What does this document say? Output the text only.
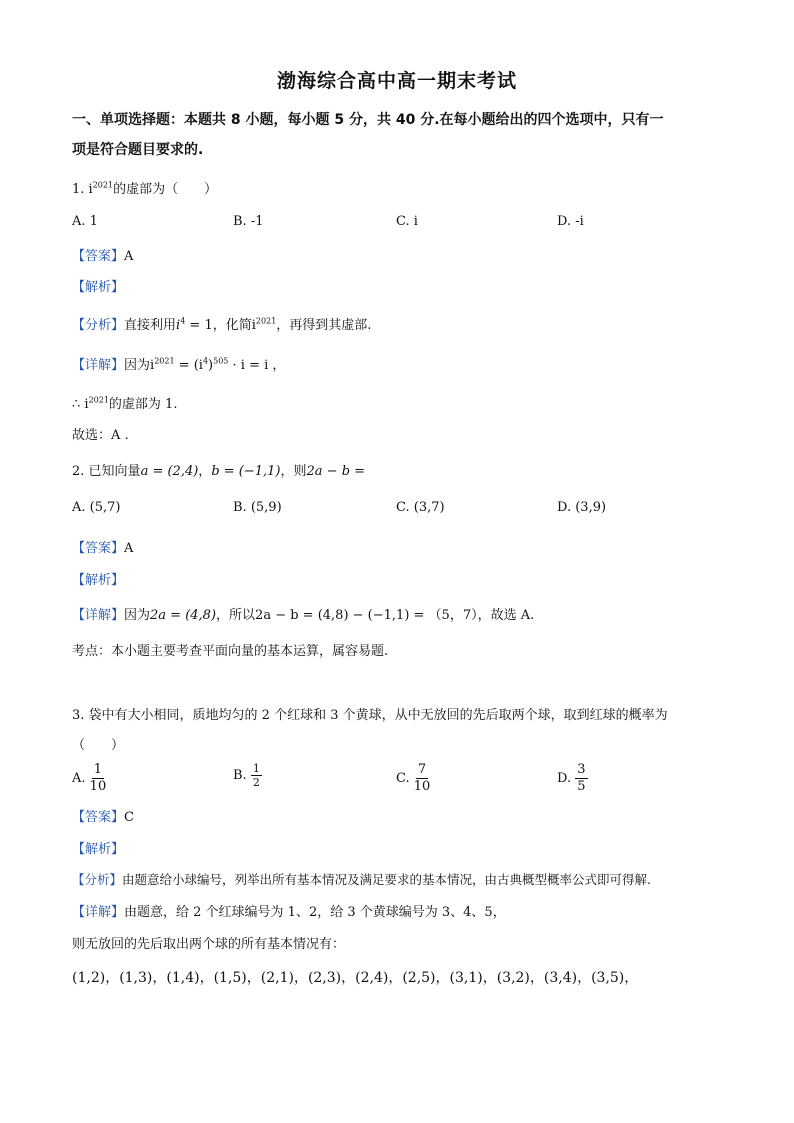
渤海综合高中高一期末考试
一、单项选择题：本题共 8 小题，每小题 5 分，共 40 分.在每小题给出的四个选项中，只有一
项是符合题目要求的.
1. $i^{2021}$的虚部为（　　）
A. 1	B. -1	C. i	D. -i
【答案】A
【解析】
【分析】直接利用$i^4 = 1$，化简$i^{2021}$，再得到其虚部.
【详解】因为$i^{2021} = (i^4)^{505} \cdot i = i$ ，
∴ $i^{2021}$的虚部为 1.
故选：A .
2. 已知向量a = (2,4)，b = (−1,1)，则2a − b =
A. (5,7)	B. (5,9)	C. (3,7)	D. (3,9)
【答案】A
【解析】
【详解】因为2a = (4,8)，所以2a − b = (4,8) − (−1,1) = （5，7），故选 A.
考点：本小题主要考查平面向量的基本运算，属容易题.
3. 袋中有大小相同，质地均匀的 2 个红球和 3 个黄球，从中无放回的先后取两个球，取到红球的概率为
（　　）
A. $\frac{1}{10}$	B. $\frac{1}{2}$	C. $\frac{7}{10}$	D. $\frac{3}{5}$
【答案】C
【解析】
【分析】由题意给小球编号，列举出所有基本情况及满足要求的基本情况，由古典概型概率公式即可得解.
【详解】由题意，给 2 个红球编号为 1、2，给 3 个黄球编号为 3、4、5，
则无放回的先后取出两个球的所有基本情况有：
(1,2)，(1,3)，(1,4)，(1,5)，(2,1)，(2,3)，(2,4)，(2,5)，(3,1)，(3,2)，(3,4)，(3,5)，
